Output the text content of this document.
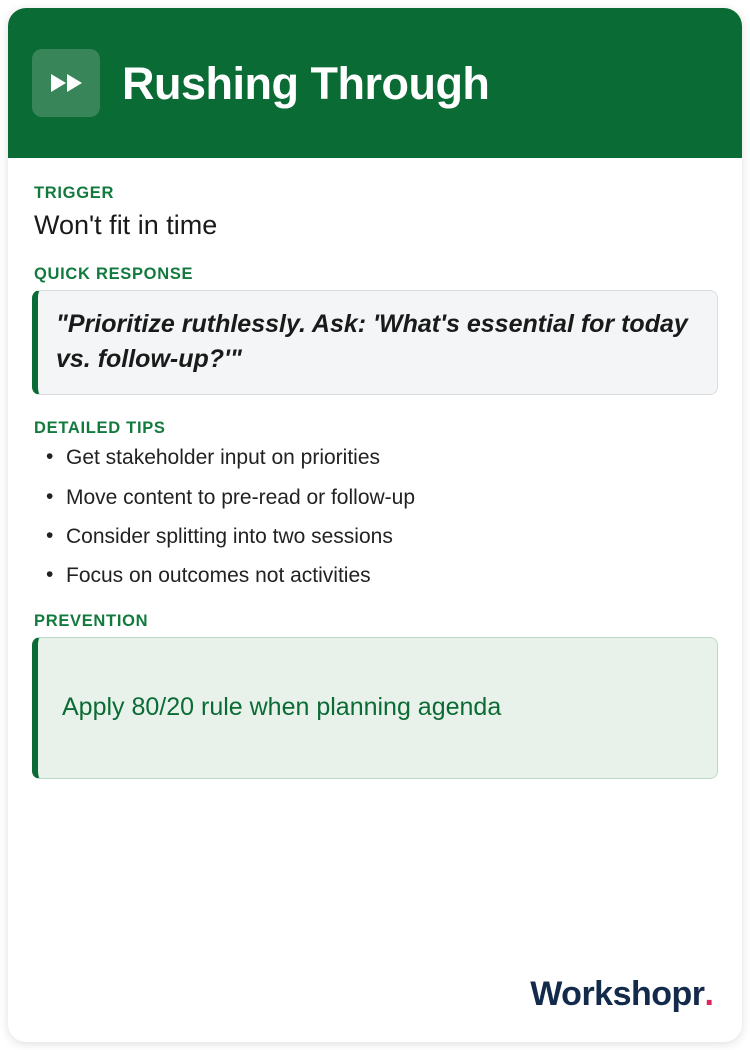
Rushing Through
TRIGGER
Won't fit in time
QUICK RESPONSE

"Prioritize ruthlessly. Ask: 'What's essential for today vs. follow-up?'"

DETAILED TIPS
• Get stakeholder input on priorities
• Move content to pre-read or follow-up
• Consider splitting into two sessions
• Focus on outcomes not activities
PREVENTION

Apply 80/20 rule when planning agenda

Workshopr .
